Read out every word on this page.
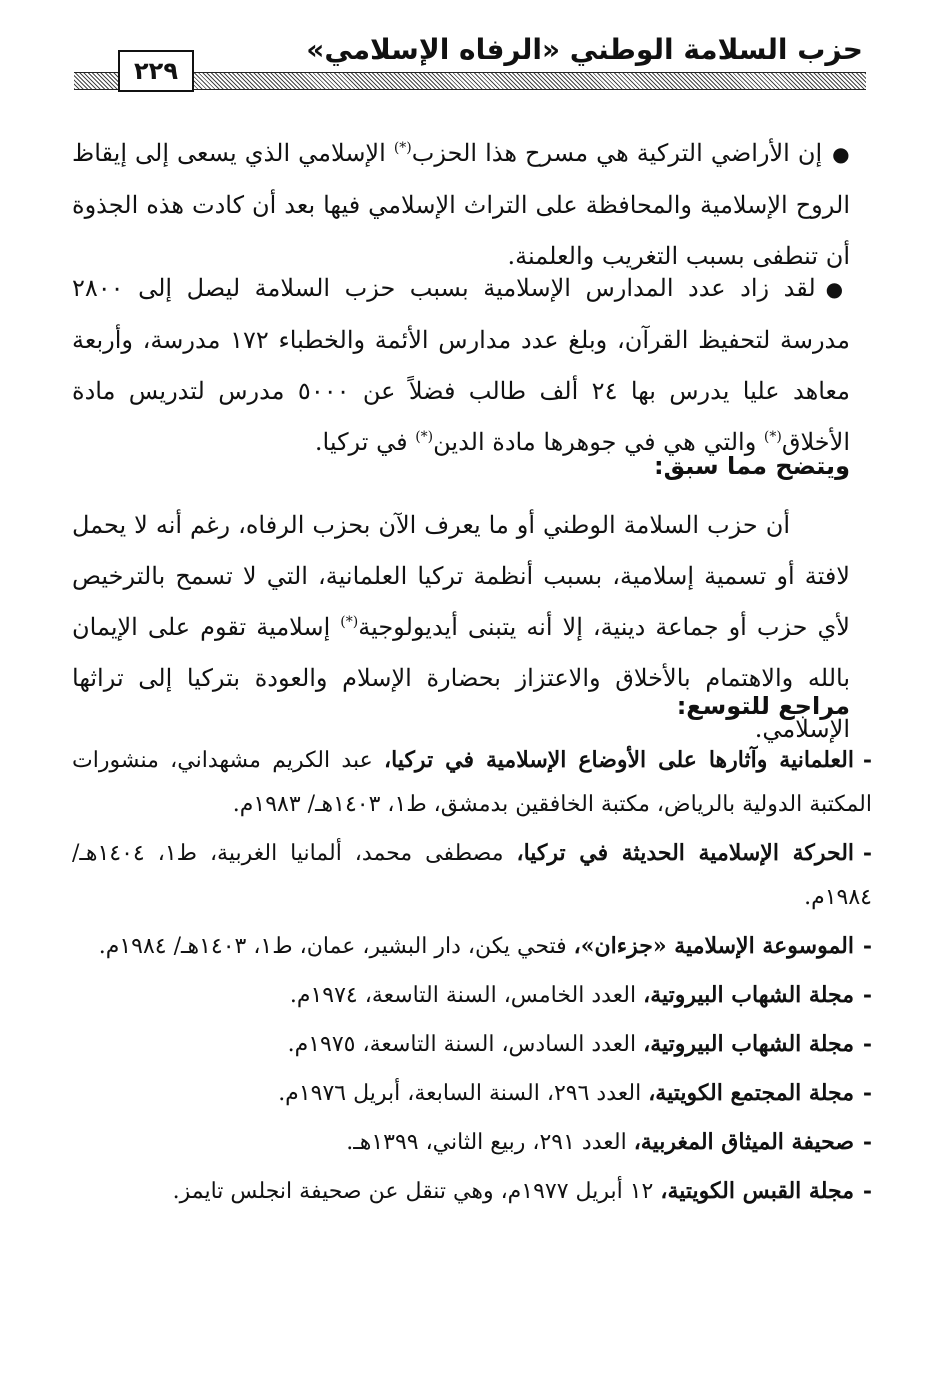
حزب السلامة الوطني «الرفاه الإسلامي»
٢٢٩

●إن الأراضي التركية هي مسرح هذا الحزب(*) الإسلامي الذي يسعى إلى إيقاظ الروح الإسلامية والمحافظة على التراث الإسلامي فيها بعد أن كادت هذه الجذوة أن تنطفى بسبب التغريب والعلمنة.

●لقد زاد عدد المدارس الإسلامية بسبب حزب السلامة ليصل إلى ٢٨٠٠ مدرسة لتحفيظ القرآن، وبلغ عدد مدارس الأئمة والخطباء ١٧٢ مدرسة، وأربعة معاهد عليا يدرس بها ٢٤ ألف طالب فضلاً عن ٥٠٠٠ مدرس لتدريس مادة الأخلاق(*) والتي هي في جوهرها مادة الدين(*) في تركيا.

ويتضح مما سبق:

أن حزب السلامة الوطني أو ما يعرف الآن بحزب الرفاه، رغم أنه لا يحمل لافتة أو تسمية إسلامية، بسبب أنظمة تركيا العلمانية، التي لا تسمح بالترخيص لأي حزب أو جماعة دينية، إلا أنه يتبنى أيديولوجية(*) إسلامية تقوم على الإيمان بالله والاهتمام بالأخلاق والاعتزاز بحضارة الإسلام والعودة بتركيا إلى تراثها الإسلامي.

مراجع للتوسع:
-العلمانية وآثارها على الأوضاع الإسلامية في تركيا، عبد الكريم مشهداني، منشورات المكتبة الدولية بالرياض، مكتبة الخافقين بدمشق، ط١، ١٤٠٣هـ/ ١٩٨٣م.
-الحركة الإسلامية الحديثة في تركيا، مصطفى محمد، ألمانيا الغربية، ط١، ١٤٠٤هـ/ ١٩٨٤م.
-الموسوعة الإسلامية «جزءان»، فتحي يكن، دار البشير، عمان، ط١، ١٤٠٣هـ/ ١٩٨٤م.
-مجلة الشهاب البيروتية، العدد الخامس، السنة التاسعة، ١٩٧٤م.
-مجلة الشهاب البيروتية، العدد السادس، السنة التاسعة، ١٩٧٥م.
-مجلة المجتمع الكويتية، العدد ٢٩٦، السنة السابعة، أبريل ١٩٧٦م.
-صحيفة الميثاق المغربية، العدد ٢٩١، ربيع الثاني، ١٣٩٩هـ.
-مجلة القبس الكويتية، ١٢ أبريل ١٩٧٧م، وهي تنقل عن صحيفة انجلس تايمز.
